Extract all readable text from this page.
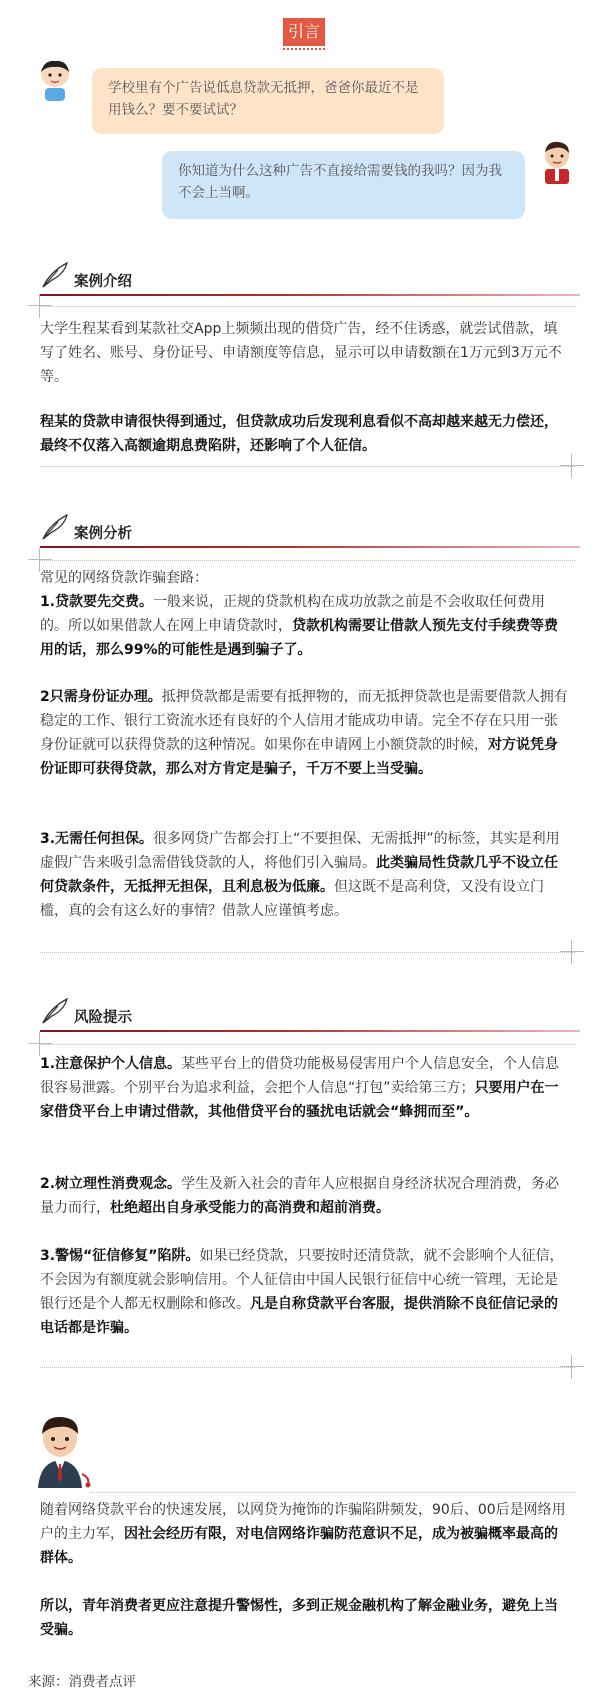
引言
学校里有个广告说低息贷款无抵押，爸爸你最近不是用钱么？要不要试试？
你知道为什么这种广告不直接给需要钱的我吗？因为我不会上当啊。
案例介绍
大学生程某看到某款社交App上频频出现的借贷广告，经不住诱惑，就尝试借款，填写了姓名、账号、身份证号、申请额度等信息，显示可以申请数额在1万元到3万元不等。
程某的贷款申请很快得到通过，但贷款成功后发现利息看似不高却越来越无力偿还，最终不仅落入高额逾期息费陷阱，还影响了个人征信。
案例分析
常见的网络贷款诈骗套路：
1.贷款要先交费。一般来说，正规的贷款机构在成功放款之前是不会收取任何费用的。所以如果借款人在网上申请贷款时，贷款机构需要让借款人预先支付手续费等费用的话，那么99%的可能性是遇到骗子了。
2只需身份证办理。抵押贷款都是需要有抵押物的，而无抵押贷款也是需要借款人拥有稳定的工作、银行工资流水还有良好的个人信用才能成功申请。完全不存在只用一张身份证就可以获得贷款的这种情况。如果你在申请网上小额贷款的时候，对方说凭身份证即可获得贷款，那么对方肯定是骗子，千万不要上当受骗。
3.无需任何担保。很多网贷广告都会打上“不要担保、无需抵押”的标签，其实是利用虚假广告来吸引急需借钱贷款的人，将他们引入骗局。此类骗局性贷款几乎不设立任何贷款条件，无抵押无担保，且利息极为低廉。但这既不是高利贷，又没有设立门槛，真的会有这么好的事情？借款人应谨慎考虑。
风险提示
1.注意保护个人信息。某些平台上的借贷功能极易侵害用户个人信息安全，个人信息很容易泄露。个别平台为追求利益，会把个人信息“打包”卖给第三方；只要用户在一家借贷平台上申请过借款，其他借贷平台的骚扰电话就会“蜂拥而至”。
2.树立理性消费观念。学生及新入社会的青年人应根据自身经济状况合理消费，务必量力而行，杜绝超出自身承受能力的高消费和超前消费。
3.警惕“征信修复”陷阱。如果已经贷款，只要按时还清贷款，就不会影响个人征信，不会因为有额度就会影响信用。个人征信由中国人民银行征信中心统一管理，无论是银行还是个人都无权删除和修改。凡是自称贷款平台客服，提供消除不良征信记录的电话都是诈骗。
随着网络贷款平台的快速发展，以网贷为掩饰的诈骗陷阱频发，90后、00后是网络用户的主力军，因社会经历有限，对电信网络诈骗防范意识不足，成为被骗概率最高的群体。
所以，青年消费者更应注意提升警惕性，多到正规金融机构了解金融业务，避免上当受骗。
来源：消费者点评
